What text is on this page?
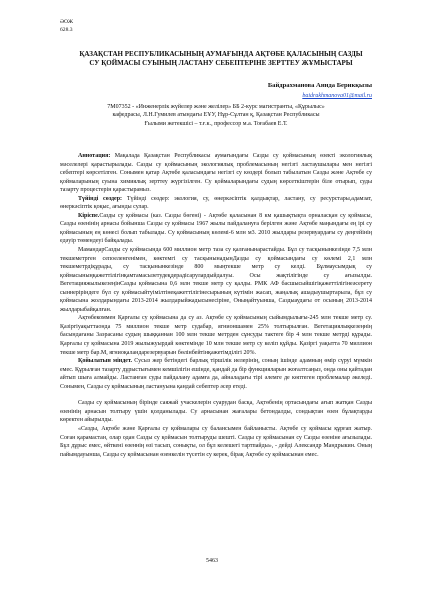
ӘОЖ
628.3
ҚАЗАҚСТАН РЕСПУБЛИКАСЫНЫҢ АУМАҒЫНДА АҚТӨБЕ ҚАЛАСЫНЫҢ САЗДЫ СУ ҚОЙМАСЫ СУЫНЫҢ ЛАСТАНУ СЕБЕПТЕРІНЕ ЗЕРТТЕУ ЖҰМЫСТАРЫ
Байдрахманова Аннда Берикқызы
baidrakhmanova01@mail.ru
7M07352 - «Инженерлік жүйелер және желілер» ББ 2-курс магистранты, «Құрылыс»
кафедрасы, Л.Н.Гумилев атындағы ЕҰУ, Нұр-Сұлтан қ, Қазақстан Республикасы
Ғылыми жетекшісі – т.ғ.к., профессор м.а. Тоғабаев Е.Т.

Аннотация: Мақалада Қазақстан Республикасы аумағындағы Сазды су қоймасының өзекті экологиялық мәселелері қарастырылады. Сазды су қоймасының экологиялық проблемасының негізгі ластаушылары мен негізгі себептері көрсетілген. Сонымен қатар Ақтөбе қаласындағы негізгі су көздері болып табылатын Сазды және Ақтөбе су қоймаларының суына химиялық зерттеу жүргізілген. Су қоймаларындағы судың көрсеткіштерін біле отырып, суды тазарту процестерін қарастырамыз.

Түйінді сөздер: Түйінді сөздер: экология, су, өнеркәсіптік қалдықтар, ластану, су ресурстары,адамзат, өнеркәсіптік қоқыс, ағынды сулар.

Кіріспе.Сазды су қоймасы (каз. Сазды бөгені) - Ақтөбе қаласынан 8 км қашықтықта орналасқан су қоймасы, Сазды өзенінің арнасы бойынша Сазды су қоймасы 1967 жылы пайдалануға берілген және Ақтөбе маңындағы ең ірі су қоймасының ең көнесі болып табылады. Су қоймасының көлемі-6 млн м3. 2010 жылдары резервуардағы су деңгейінің едәуір төмендеуі байқалады.

МамандарСазды су қоймасында 600 миллион метр таза су қалғанынарастайды. Бұл су тасқынынкезінде 7,5 млн текшеметрген сепоеленгенімен, көктемгі су тасқынынадынДазды су қоймасындағы су көлемі 2,1 млн текшеметрдіқұрады, су тасқынынкезінде 800 мыңтекше метр су келді. Бұлмаусымдық су қоймасыныңқажеттілігінқамтамасызетудеқдерадісарулардыйдалуы. Осы жақтілігінде су ағызылды. ВегетацияжылыкезеңінСазды қоймасына 0,6 млн текше метр су қалды. РМК АФ басшысыйшігіқажеттілігінеәсерету сыннеріріндеге бүл су қоймасыйтуімілтінеқажеттілігінесырының күтімін жасап, жаңалық ашадыушыртарыла, бұл су қоймасына жолдарындағы 2013-2014 жылдарыйжадысынесіріне, Оныңайтуынша, Саздыаудағы от осының 2013-2014 жылдарыбайқалған.

Ақтөбекоммен Қарғалы су қоймасына да су аз. Ақтөбе су қоймасының сыйымдылығы-245 млн текше метр су. Қазіргіуақыттаонда 75 миллион текше метр судабар, ягнионшамен 25% толтырылған. Вегетациялықкезеңнің басындағаны 3аэрасаны судың шыққаннан 100 млн текше метрден сұнсуды тактеге бір 4 млн текше метрді құрады. Қарғалы су қоймасына 2019 жылыжуырдай көктемінде 10 млн текше метр су келіп құйды. Қазіргі уақытта 70 миллион текше метр бар.М, ягниоқаландарезервуарын бөлінбейтінқажетімділігі 20%.

Қойылатын міндет. Сусыз жер бетіндегі барлық тіршілік иелерінің, соның ішінде адамның өмір сүруі мүмкін емес. Құрылған тазарту дұрыстығымен кемшілігін ешінде, қандай да бір функцияларын жоғалтсаңыз, онда оны қайтадан айтып шыға алмайды. Ластанған суды пайдалану адамға да, айналадағы тірі әлемге де көптеген проблемалар әкеледі. Сонымен, Сазды су қоймасының ластануына қандай себептер әсер етеді.

Сазды су қоймасының бірінде саяжай учаскелерін суарудан басқа, Ақтөбенің ортасындағы ағып жатқан Сазды өзенінің арнасын толтыру үшін қолданылады. Су арнасынан жағалары бетондалды, сондықтан өзен бұлақтарды көректен айырылды.

«Сазды, Ақтөбе және Қарғалы су қоймалары су балансымен байланысты. Ақтөбе су қоймасы құрғап жатыр. Соған қарамастан, олар одан Сазды су қоймасын толтыруды шешті. Сазды су қоймасынан су Сазды өзеніне ағызылады. Бұл дұрыс емес, өйткені өзеннің өзі тасып, сонықты, ол бұл келешегі тартпайды», - дейді Александр Мандрыкин. Оның пайымдауынша, Сазды су қоймасынан өзенкелін түсетін су керек, бірақ Ақтөбе су қоймасынан емес.

5463
